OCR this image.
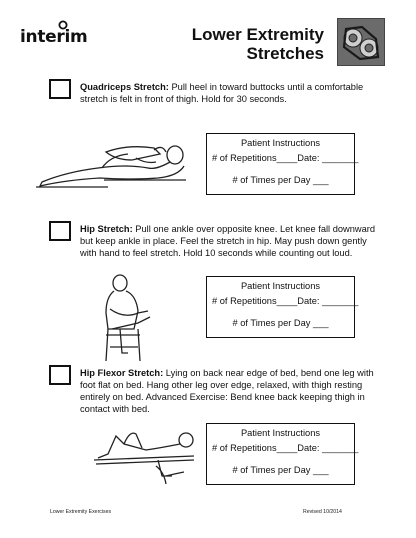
interim	Lower Extremity
Stretches
Quadriceps Stretch: Pull heel in toward buttocks until a comfortable stretch is felt in front of thigh. Hold for 30 seconds.
Patient Instructions
# of Repetitions____Date: _______
# of Times per Day ___
Hip Stretch: Pull one ankle over opposite knee. Let knee fall downward but keep ankle in place. Feel the stretch in hip. May push down gently with hand to feel stretch. Hold 10 seconds while counting out loud.
Patient Instructions
# of Repetitions____Date: _______
# of Times per Day ___
Hip Flexor Stretch: Lying on back near edge of bed, bend one leg with foot flat on bed. Hang other leg over edge, relaxed, with thigh resting entirely on bed. Advanced Exercise: Bend knee back keeping thigh in contact with bed.
Patient Instructions
# of Repetitions____Date: _______
# of Times per Day ___
Lower Extremity Exercises	Revised 10/2014
